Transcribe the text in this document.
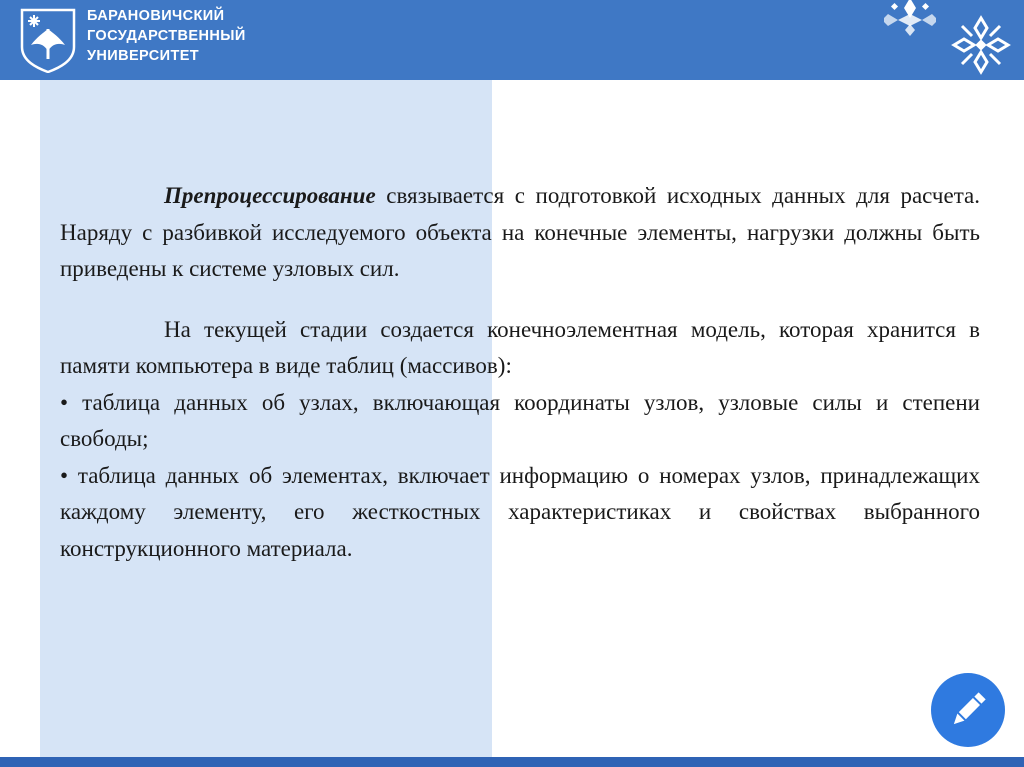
БАРАНОВИЧСКИЙ
ГОСУДАРСТВЕННЫЙ
УНИВЕРСИТЕТ

Препроцессирование связывается с подготовкой исходных данных для расчета. Наряду с разбивкой исследуемого объекта на конечные элементы, нагрузки должны быть приведены к системе узловых сил.

На текущей стадии создается конечноэлементная модель, которая хранится в памяти компьютера в виде таблиц (массивов):

• таблица данных об узлах, включающая координаты узлов, узловые силы и степени свободы;

• таблица данных об элементах, включает информацию о номерах узлов, принадлежащих каждому элементу, его жесткостных характеристиках и свойствах выбранного конструкционного материала.
